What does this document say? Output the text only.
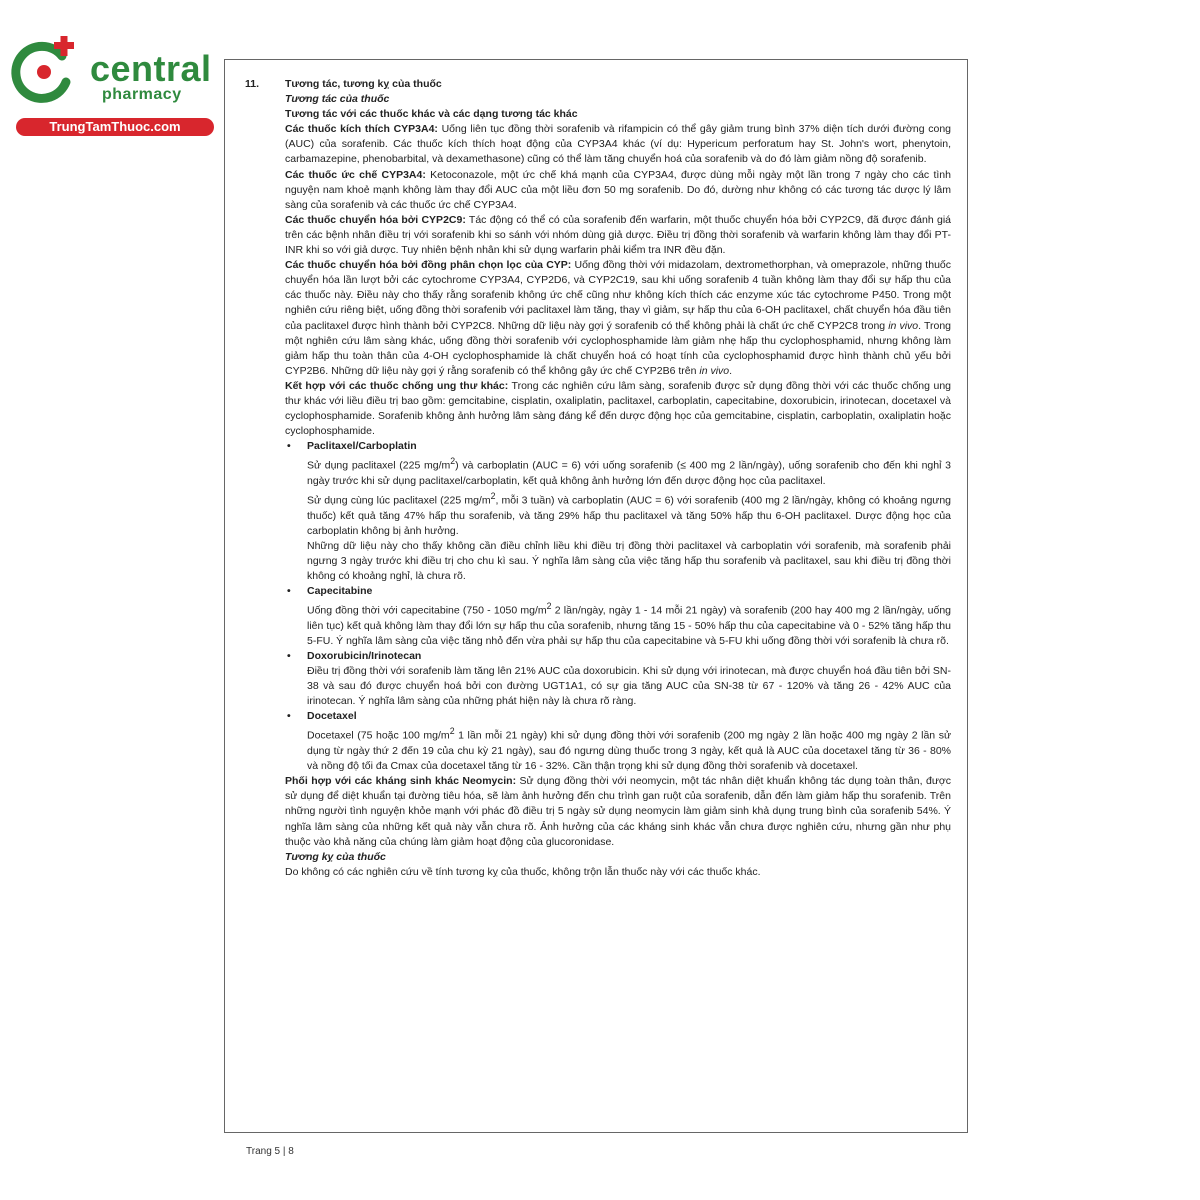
central
pharmacy
TrungTamThuoc.com
11.	Tương tác, tương kỵ của thuốc

Tương tác của thuốc

Tương tác với các thuốc khác và các dạng tương tác khác

Các thuốc kích thích CYP3A4: Uống liên tục đồng thời sorafenib và rifampicin có thể gây giảm trung bình 37% diện tích dưới đường cong (AUC) của sorafenib. Các thuốc kích thích hoạt động của CYP3A4 khác (ví dụ: Hypericum perforatum hay St. John's wort, phenytoin, carbamazepine, phenobarbital, và dexamethasone) cũng có thể làm tăng chuyển hoá của sorafenib và do đó làm giảm nồng độ sorafenib.

Các thuốc ức chế CYP3A4: Ketoconazole, một ức chế khá mạnh của CYP3A4, được dùng mỗi ngày một lần trong 7 ngày cho các tình nguyện nam khoẻ mạnh không làm thay đổi AUC của một liều đơn 50 mg sorafenib. Do đó, dường như không có các tương tác dược lý lâm sàng của sorafenib và các thuốc ức chế CYP3A4.

Các thuốc chuyển hóa bởi CYP2C9: Tác động có thể có của sorafenib đến warfarin, một thuốc chuyển hóa bởi CYP2C9, đã được đánh giá trên các bệnh nhân điều trị với sorafenib khi so sánh với nhóm dùng giả dược. Điều trị đồng thời sorafenib và warfarin không làm thay đổi PT-INR khi so với giả dược. Tuy nhiên bệnh nhân khi sử dụng warfarin phải kiểm tra INR đều đặn.

Các thuốc chuyển hóa bởi đồng phân chọn lọc của CYP: Uống đồng thời với midazolam, dextromethorphan, và omeprazole, những thuốc chuyển hóa lần lượt bởi các cytochrome CYP3A4, CYP2D6, và CYP2C19, sau khi uống sorafenib 4 tuần không làm thay đổi sự hấp thu của các thuốc này. Điều này cho thấy rằng sorafenib không ức chế cũng như không kích thích các enzyme xúc tác cytochrome P450. Trong một nghiên cứu riêng biệt, uống đồng thời sorafenib với paclitaxel làm tăng, thay vì giảm, sự hấp thu của 6-OH paclitaxel, chất chuyển hóa đầu tiên của paclitaxel được hình thành bởi CYP2C8. Những dữ liệu này gợi ý sorafenib có thể không phải là chất ức chế CYP2C8 trong in vivo. Trong một nghiên cứu lâm sàng khác, uống đồng thời sorafenib với cyclophosphamide làm giảm nhẹ hấp thu cyclophosphamid, nhưng không làm giảm hấp thu toàn thân của 4-OH cyclophosphamide là chất chuyển hoá có hoạt tính của cyclophosphamid được hình thành chủ yếu bởi CYP2B6. Những dữ liệu này gợi ý rằng sorafenib có thể không gây ức chế CYP2B6 trên in vivo.

Kết hợp với các thuốc chống ung thư khác: Trong các nghiên cứu lâm sàng, sorafenib được sử dụng đồng thời với các thuốc chống ung thư khác với liều điều trị bao gồm: gemcitabine, cisplatin, oxaliplatin, paclitaxel, carboplatin, capecitabine, doxorubicin, irinotecan, docetaxel và cyclophosphamide. Sorafenib không ảnh hưởng lâm sàng đáng kể đến dược động học của gemcitabine, cisplatin, carboplatin, oxaliplatin hoặc cyclophosphamide.

• Paclitaxel/Carboplatin

Sử dụng paclitaxel (225 $mg/m^2$) và carboplatin (AUC = 6) với uống sorafenib (≤ 400 mg 2 lần/ngày), uống sorafenib cho đến khi nghỉ 3 ngày trước khi sử dụng paclitaxel/carboplatin, kết quả không ảnh hưởng lớn đến dược động học của paclitaxel.

Sử dụng cùng lúc paclitaxel (225 $mg/m^2$, mỗi 3 tuần) và carboplatin (AUC = 6) với sorafenib (400 mg 2 lần/ngày, không có khoảng ngưng thuốc) kết quả tăng 47% hấp thu sorafenib, và tăng 29% hấp thu paclitaxel và tăng 50% hấp thu 6-OH paclitaxel. Dược động học của carboplatin không bị ảnh hưởng.

Những dữ liệu này cho thấy không cần điều chỉnh liều khi điều trị đồng thời paclitaxel và carboplatin với sorafenib, mà sorafenib phải ngưng 3 ngày trước khi điều trị cho chu kì sau. Ý nghĩa lâm sàng của việc tăng hấp thu sorafenib và paclitaxel, sau khi điều trị đồng thời không có khoảng nghỉ, là chưa rõ.

• Capecitabine

Uống đồng thời với capecitabine (750 - 1050 $mg/m^2$ 2 lần/ngày, ngày 1 - 14 mỗi 21 ngày) và sorafenib (200 hay 400 mg 2 lần/ngày, uống liên tục) kết quả không làm thay đổi lớn sự hấp thu của sorafenib, nhưng tăng 15 - 50% hấp thu của capecitabine và 0 - 52% tăng hấp thu 5-FU. Ý nghĩa lâm sàng của việc tăng nhỏ đến vừa phải sự hấp thu của capecitabine và 5-FU khi uống đồng thời với sorafenib là chưa rõ.

• Doxorubicin/Irinotecan

Điều trị đồng thời với sorafenib làm tăng lên 21% AUC của doxorubicin. Khi sử dụng với irinotecan, mà được chuyển hoá đầu tiên bởi SN-38 và sau đó được chuyển hoá bởi con đường UGT1A1, có sự gia tăng AUC của SN-38 từ 67 - 120% và tăng 26 - 42% AUC của irinotecan. Ý nghĩa lâm sàng của những phát hiện này là chưa rõ ràng.

• Docetaxel

Docetaxel (75 hoặc 100 $mg/m^2$ 1 lần mỗi 21 ngày) khi sử dụng đồng thời với sorafenib (200 mg ngày 2 lần hoặc 400 mg ngày 2 lần sử dụng từ ngày thứ 2 đến 19 của chu kỳ 21 ngày), sau đó ngưng dùng thuốc trong 3 ngày, kết quả là AUC của docetaxel tăng từ 36 - 80% và nồng độ tối đa Cmax của docetaxel tăng từ 16 - 32%. Cần thận trọng khi sử dụng đồng thời sorafenib và docetaxel.

Phối hợp với các kháng sinh khác Neomycin: Sử dụng đồng thời với neomycin, một tác nhân diệt khuẩn không tác dụng toàn thân, được sử dụng để diệt khuẩn tại đường tiêu hóa, sẽ làm ảnh hưởng đến chu trình gan ruột của sorafenib, dẫn đến làm giảm hấp thu sorafenib. Trên những người tình nguyện khỏe mạnh với phác đồ điều trị 5 ngày sử dụng neomycin làm giảm sinh khả dụng trung bình của sorafenib 54%. Ý nghĩa lâm sàng của những kết quả này vẫn chưa rõ. Ảnh hưởng của các kháng sinh khác vẫn chưa được nghiên cứu, nhưng gần như phụ thuộc vào khả năng của chúng làm giảm hoạt động của glucoronidase.

Tương kỵ của thuốc

Do không có các nghiên cứu về tính tương kỵ của thuốc, không trộn lẫn thuốc này với các thuốc khác.

Trang 5 | 8
